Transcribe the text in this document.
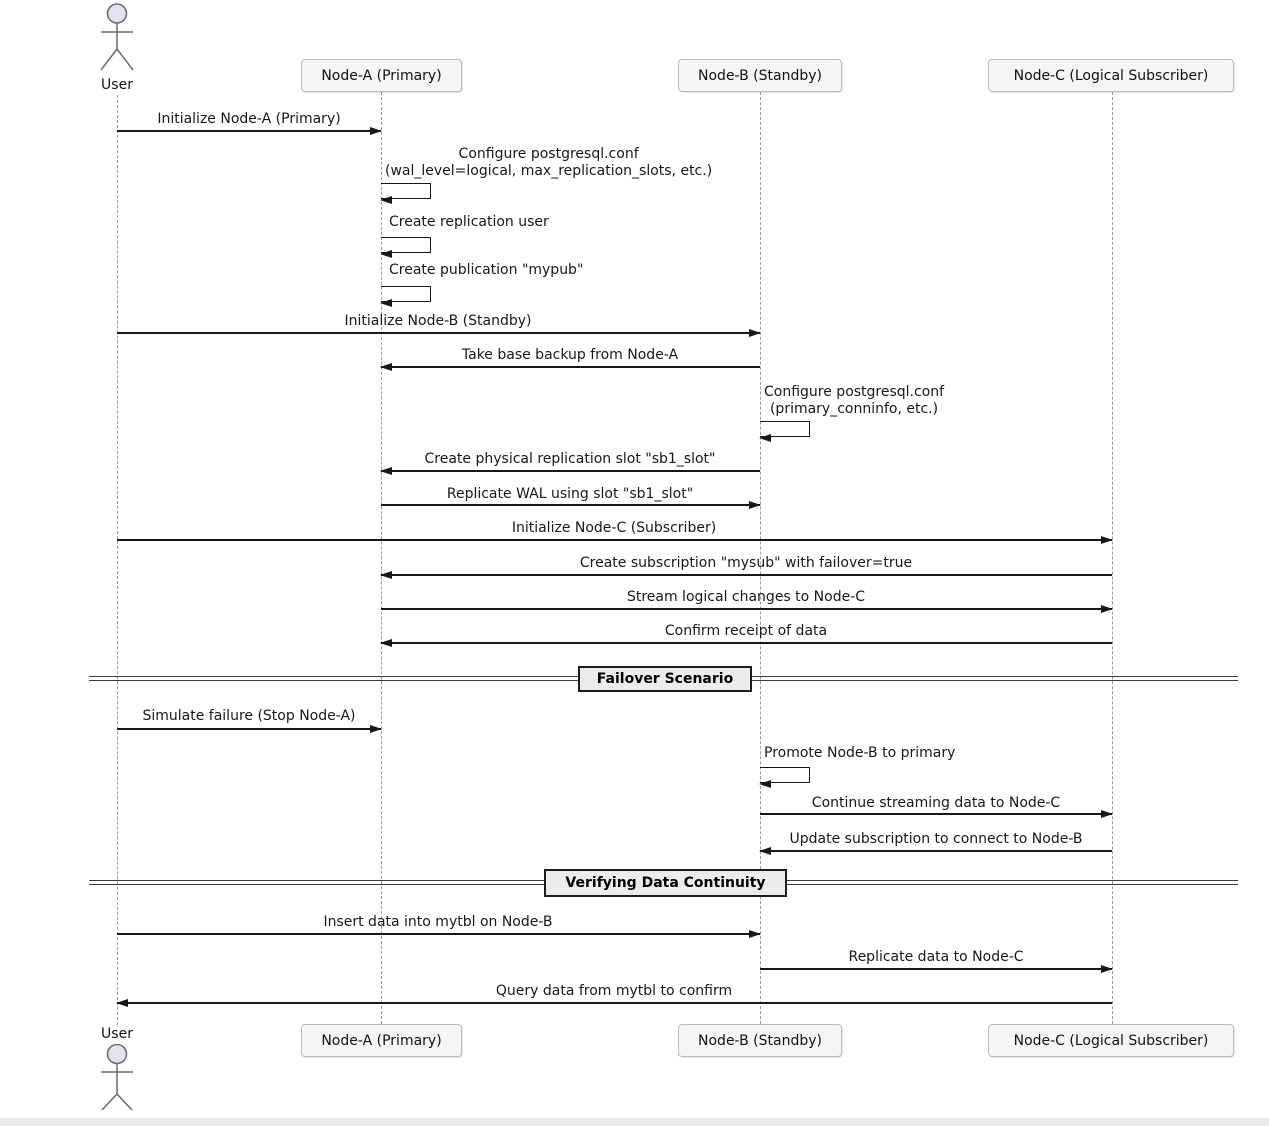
User
Node-A (Primary)	Node-B (Standby)	Node-C (Logical Subscriber)
Initialize Node-A (Primary)
Configure postgresql.conf
(wal_level=logical, max_replication_slots, etc.)
Create replication user
Create publication "mypub"
Initialize Node-B (Standby)
Take base backup from Node-A
Configure postgresql.conf
(primary_conninfo, etc.)
Create physical replication slot "sb1_slot"
Replicate WAL using slot "sb1_slot"
Initialize Node-C (Subscriber)
Create subscription "mysub" with failover=true
Stream logical changes to Node-C
Confirm receipt of data
Failover Scenario
Simulate failure (Stop Node-A)
Promote Node-B to primary
Continue streaming data to Node-C
Update subscription to connect to Node-B
Verifying Data Continuity
Insert data into mytbl on Node-B
Replicate data to Node-C
Query data from mytbl to confirm
Node-A (Primary)	Node-B (Standby)	Node-C (Logical Subscriber)
User
